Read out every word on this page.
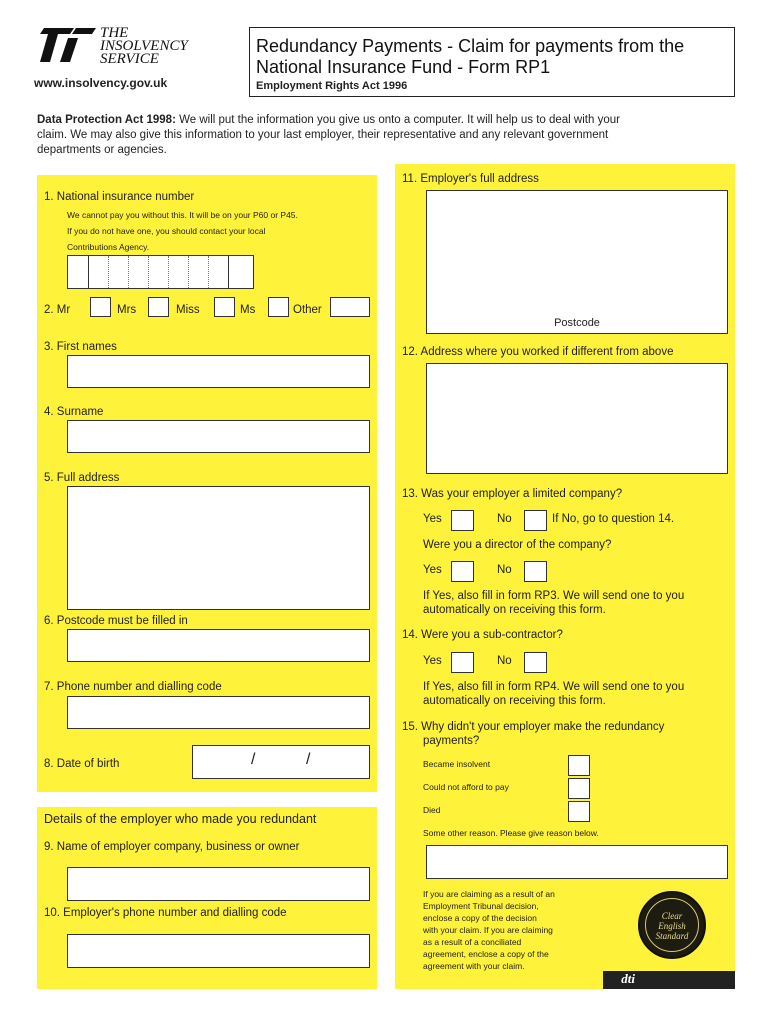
THE
INSOLVENCY
SERVICE
www.insolvency.gov.uk
Redundancy Payments - Claim for payments from the
National Insurance Fund - Form RP1
Employment Rights Act 1996
Data Protection Act 1998: We will put the information you give us onto a computer. It will help us to deal with your
claim. We may also give this information to your last employer, their representative and any relevant government
departments or agencies.
1. National insurance number
We cannot pay you without this. It will be on your P60 or P45.
If you do not have one, you should contact your local
Contributions Agency.
2. Mr	Mrs	Miss	Ms	Other
3. First names
4. Surname
5. Full address
6. Postcode must be filled in
7. Phone number and dialling code
8. Date of birth	/	/
Details of the employer who made you redundant
9. Name of employer company, business or owner
10. Employer's phone number and dialling code
11. Employer's full address
Postcode
12. Address where you worked if different from above
13. Was your employer a limited company?
Yes	No	If No, go to question 14.
Were you a director of the company?
Yes	No
If Yes, also fill in form RP3. We will send one to you
automatically on receiving this form.
14. Were you a sub-contractor?
Yes	No
If Yes, also fill in form RP4. We will send one to you
automatically on receiving this form.
15. Why didn't your employer make the redundancy
payments?
Became insolvent
Could not afford to pay
Died
Some other reason. Please give reason below.
If you are claiming as a result of an
Employment Tribunal decision,
enclose a copy of the decision
with your claim. If you are claiming
as a result of a conciliated
agreement, enclose a copy of the
agreement with your claim.
Clear
English
Standard
dti
